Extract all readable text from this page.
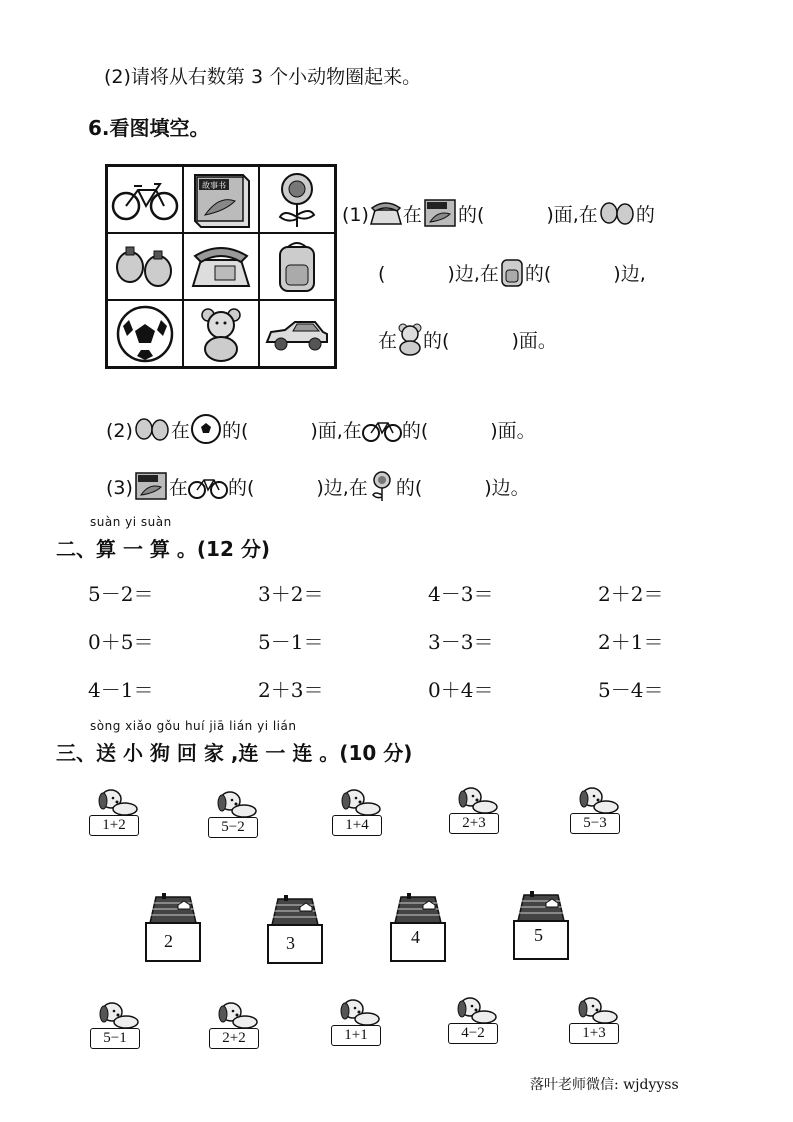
(2)请将从右数第 3 个小动物圈起来。
6.看图填空。
故事书
(1) 在 的(	)面,在 的
(	)边,在 的(	)边,
在 的(	)面。
(2) 在 的(	)面,在 的(	)面。
(3) 在 的(	)边,在 的(	)边。
suàn yi suàn
二、算 一 算 。(12 分)
5－2＝	3＋2＝	4－3＝	2＋2＝
0＋5＝	5－1＝	3－3＝	2＋1＝
4－1＝	2＋3＝	0＋4＝	5－4＝
sòng xiǎo gǒu huí jiā lián yi lián
三、送 小 狗 回 家 ,连 一 连 。(10 分)
1+2	5−2	1+4	2+3	5−3
2	3	4	5
5−1	2+2	1+1	4−2	1+3
落叶老师微信: wjdyyss
